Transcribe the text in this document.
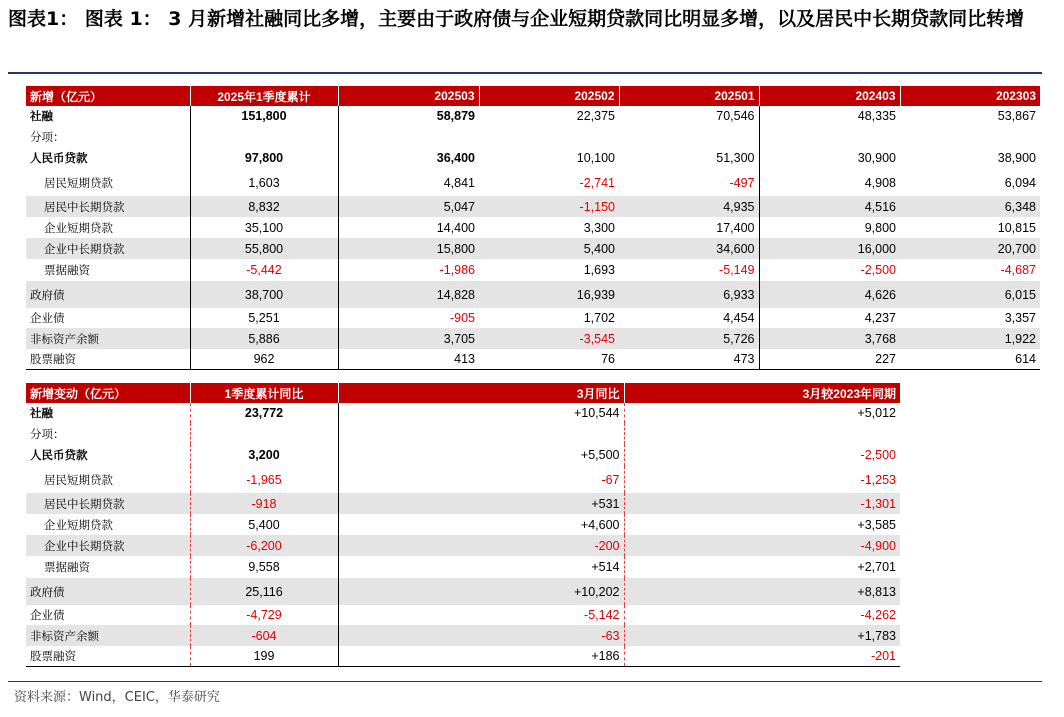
图表1： 图表 1： 3 月新增社融同比多增，主要由于政府债与企业短期贷款同比明显多增，以及居民中长期贷款同比转增
新增（亿元）	2025年1季度累计	202503	202502	202501	202403	202303
社融	151,800	58,879	22,375	70,546	48,335	53,867
分项：						
人民币贷款	97,800	36,400	10,100	51,300	30,900	38,900
居民短期贷款	1,603	4,841	-2,741	-497	4,908	6,094
居民中长期贷款	8,832	5,047	-1,150	4,935	4,516	6,348
企业短期贷款	35,100	14,400	3,300	17,400	9,800	10,815
企业中长期贷款	55,800	15,800	5,400	34,600	16,000	20,700
票据融资	-5,442	-1,986	1,693	-5,149	-2,500	-4,687
政府债	38,700	14,828	16,939	6,933	4,626	6,015
企业债	5,251	-905	1,702	4,454	4,237	3,357
非标资产余额	5,886	3,705	-3,545	5,726	3,768	1,922
股票融资	962	413	76	473	227	614
新增变动（亿元）	1季度累计同比	3月同比	3月较2023年同期
社融	23,772	+10,544	+5,012
分项：			
人民币贷款	3,200	+5,500	-2,500
居民短期贷款	-1,965	-67	-1,253
居民中长期贷款	-918	+531	-1,301
企业短期贷款	5,400	+4,600	+3,585
企业中长期贷款	-6,200	-200	-4,900
票据融资	9,558	+514	+2,701
政府债	25,116	+10,202	+8,813
企业债	-4,729	-5,142	-4,262
非标资产余额	-604	-63	+1,783
股票融资	199	+186	-201
资料来源：Wind，CEIC，华泰研究
